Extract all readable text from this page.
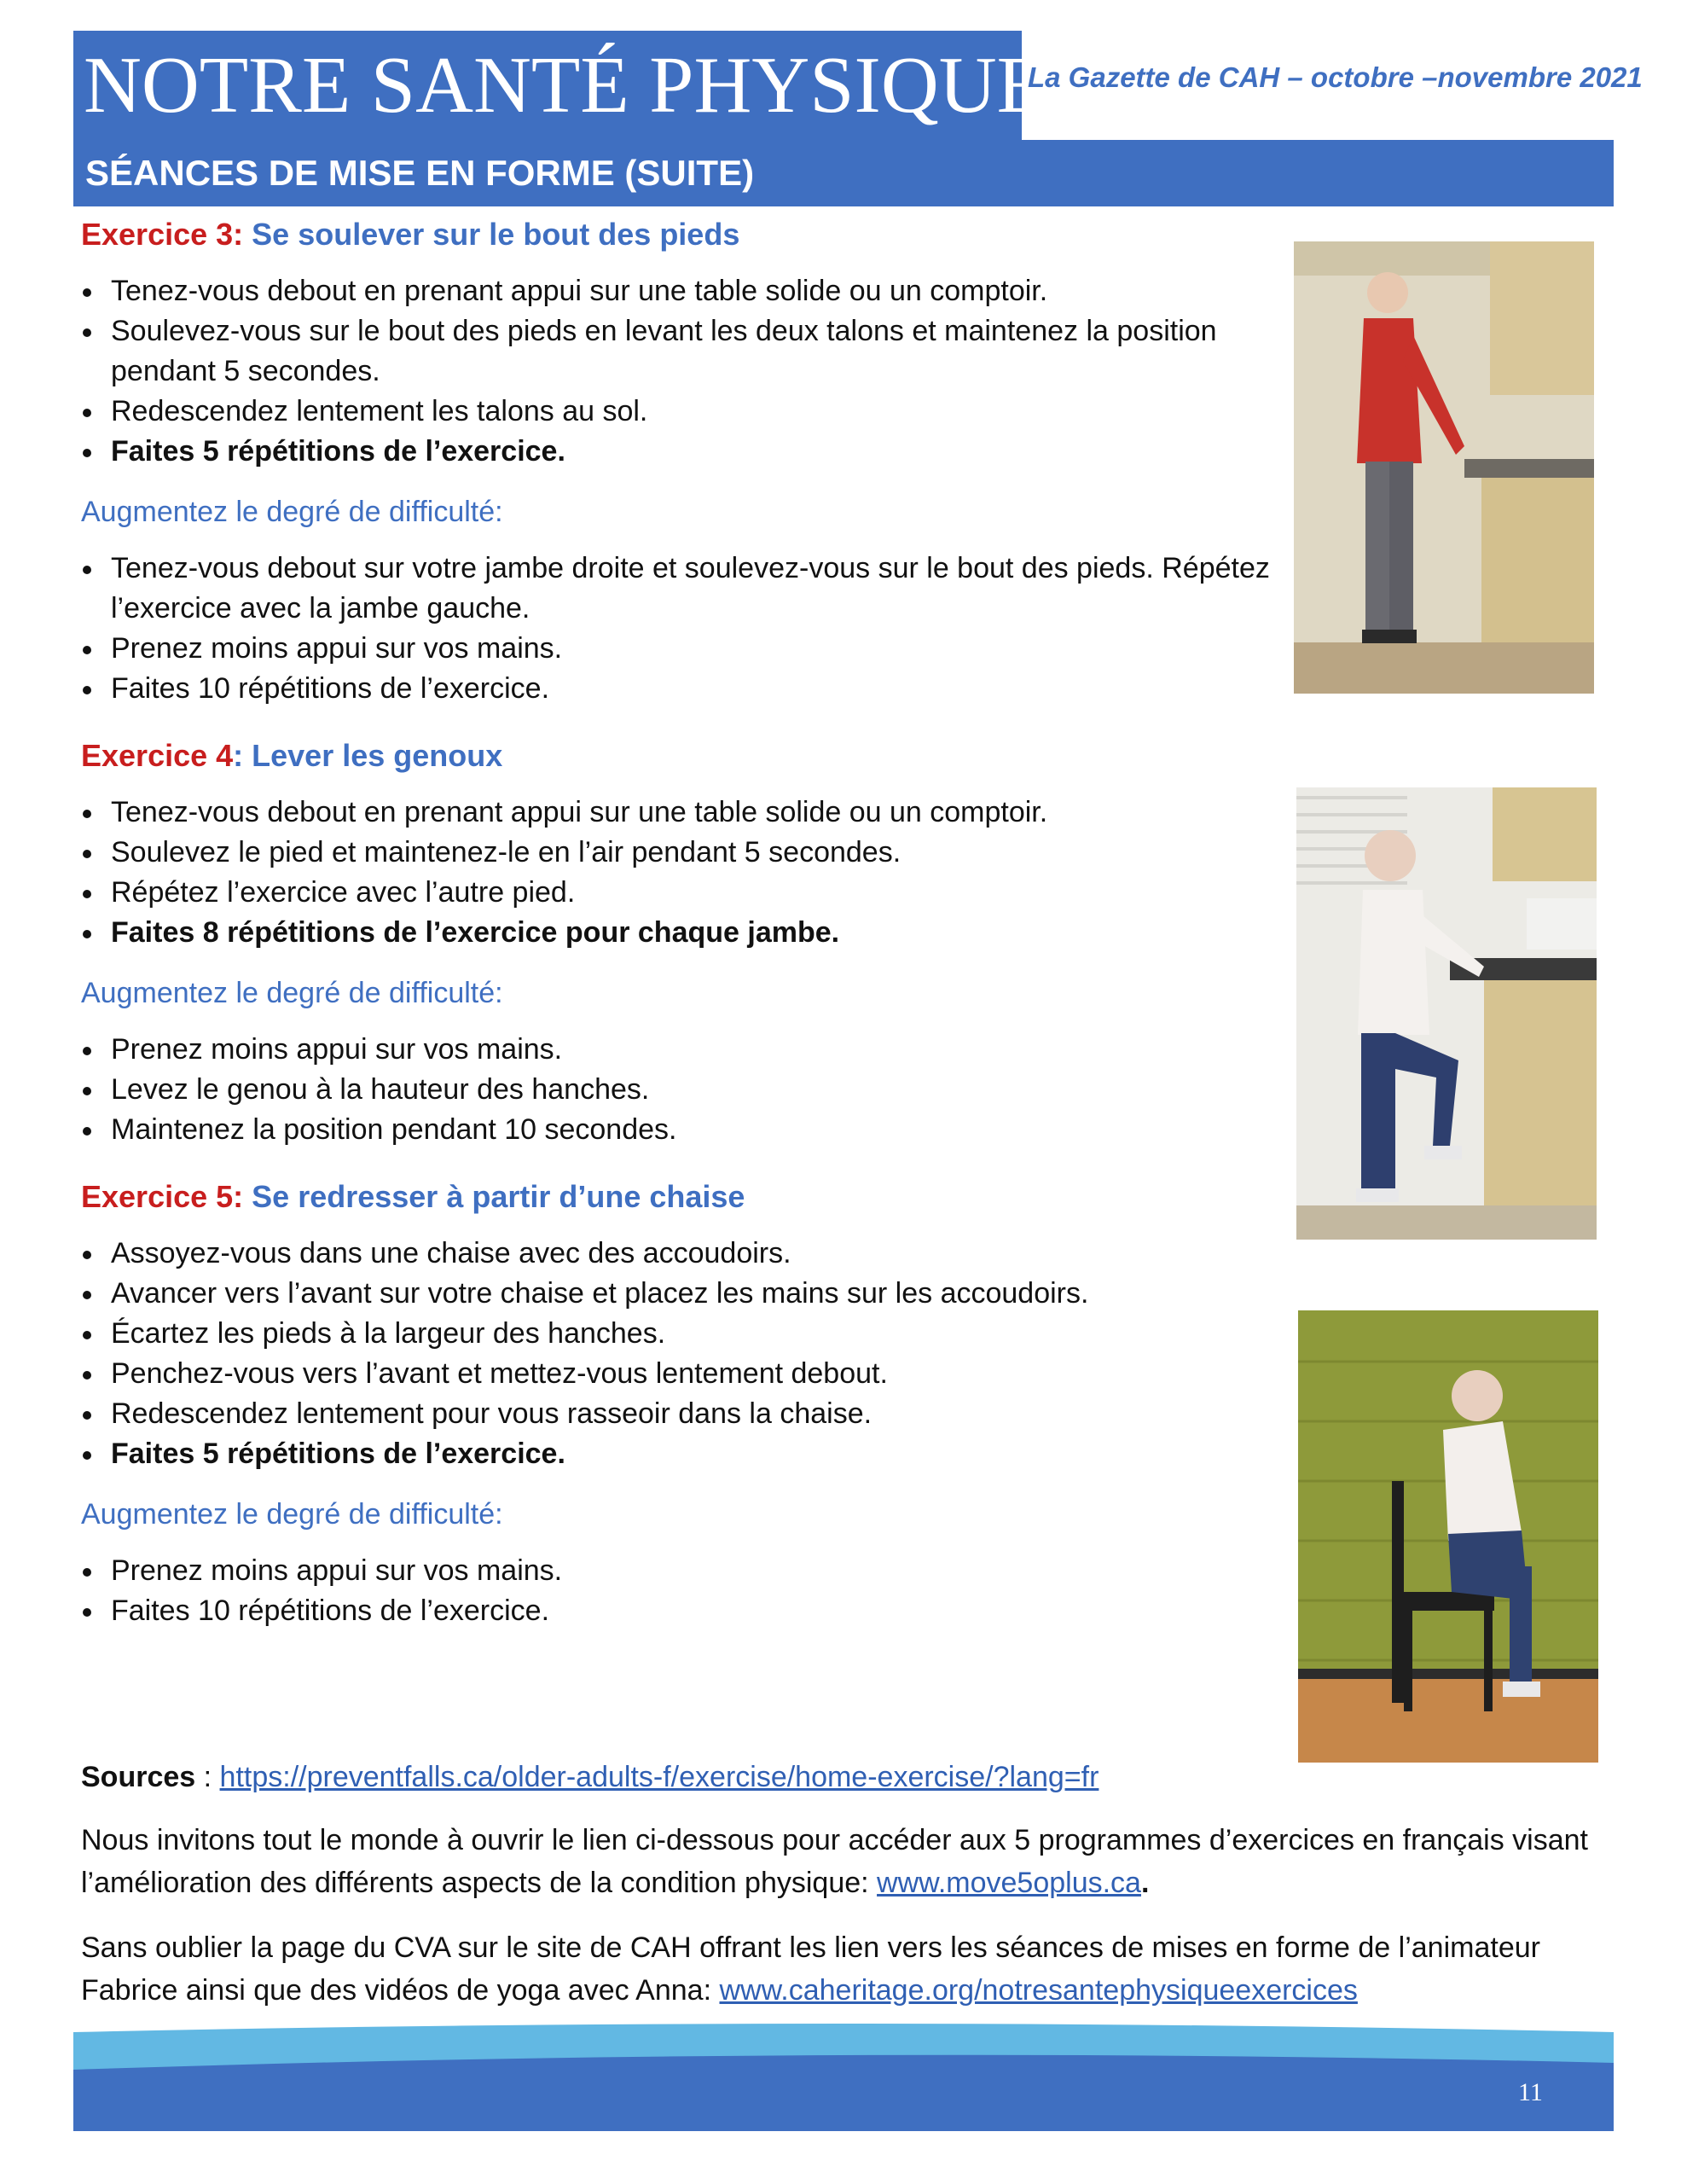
NOTRE SANTÉ PHYSIQUE
La Gazette de CAH – octobre –novembre 2021
SÉANCES DE MISE EN FORME (SUITE)

Exercice 3: Se soulever sur le bout des pieds

Tenez-vous debout en prenant appui sur une table solide ou un comptoir.
Soulevez-vous sur le bout des pieds en levant les deux talons et maintenez la position pendant 5 secondes.
Redescendez lentement les talons au sol.
Faites 5 répétitions de l’exercice.

Augmentez le degré de difficulté:

Tenez-vous debout sur votre jambe droite et soulevez-vous sur le bout des pieds. Répétez l’exercice avec la jambe gauche.
Prenez moins appui sur vos mains.
Faites 10 répétitions de l’exercice.

Exercice 4: Lever les genoux

Tenez-vous debout en prenant appui sur une table solide ou un comptoir.
Soulevez le pied et maintenez-le en l’air pendant 5 secondes.
Répétez l’exercice avec l’autre pied.
Faites 8 répétitions de l’exercice pour chaque jambe.

Augmentez le degré de difficulté:

Prenez moins appui sur vos mains.
Levez le genou à la hauteur des hanches.
Maintenez la position pendant 10 secondes.

Exercice 5: Se redresser à partir d’une chaise

Assoyez-vous dans une chaise avec des accoudoirs.
Avancer vers l’avant sur votre chaise et placez les mains sur les accoudoirs.
Écartez les pieds à la largeur des hanches.
Penchez-vous vers l’avant et mettez-vous lentement debout.
Redescendez lentement pour vous rasseoir dans la chaise.
Faites 5 répétitions de l’exercice.

Augmentez le degré de difficulté:

Prenez moins appui sur vos mains.
Faites 10 répétitions de l’exercice.
Sources : https://preventfalls.ca/older-adults-f/exercise/home-exercise/?lang=fr
Nous invitons tout le monde à ouvrir le lien ci-dessous pour accéder aux 5 programmes d’exercices en français visant l’amélioration des différents aspects de la condition physique: www.move5oplus.ca.
Sans oublier la page du CVA sur le site de CAH offrant les lien vers les séances de mises en forme de l’animateur Fabrice ainsi que des vidéos de yoga avec Anna: www.caheritage.org/notresantephysiqueexercices
11
